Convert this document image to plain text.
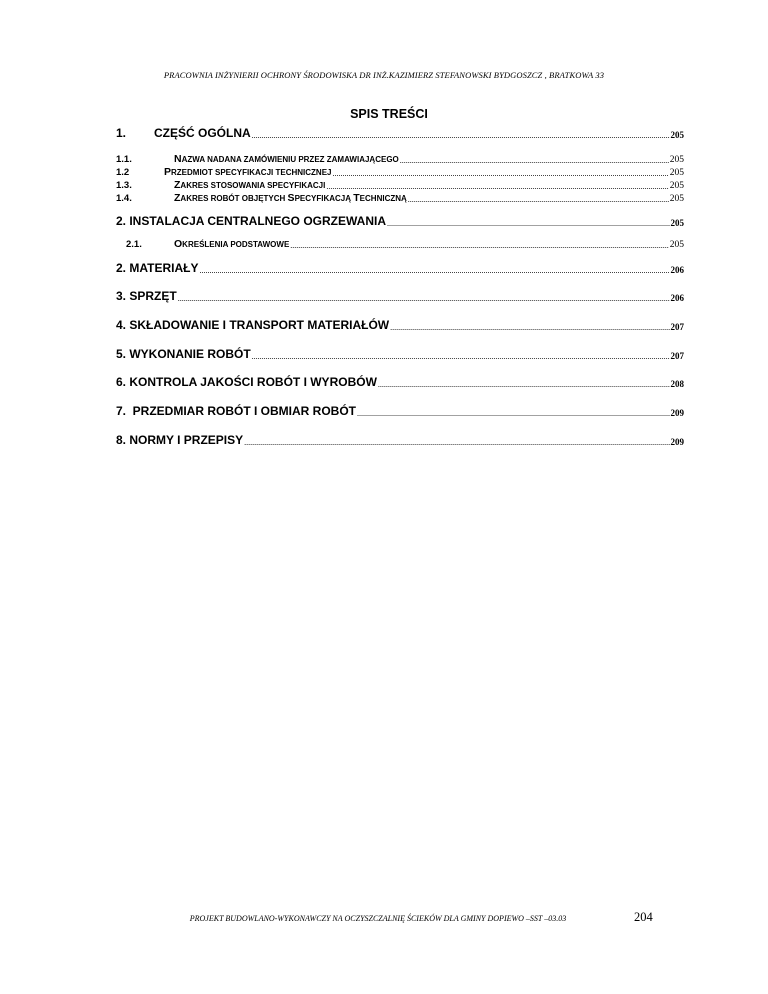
PRACOWNIA INŻYNIERII OCHRONY ŚRODOWISKA DR INŻ.KAZIMIERZ STEFANOWSKI BYDGOSZCZ , BRATKOWA 33
SPIS TREŚCI
1.	CZĘŚĆ OGÓLNA .....	205
1.1.	NAZWA NADANA ZAMÓWIENIU PRZEZ ZAMAWIAJĄCEGO .....	205
1.2	PRZEDMIOT SPECYFIKACJI TECHNICZNEJ .....	205
1.3.	ZAKRES STOSOWANIA SPECYFIKACJI .....	205
1.4.	ZAKRES ROBÓT OBJĘTYCH SPECYFIKACJĄ TECHNICZNĄ .....	205
2. INSTALACJA CENTRALNEGO OGRZEWANIA .....	205
2.1.	OKREŚLENIA PODSTAWOWE .....	205
2. MATERIAŁY .....	206
3. SPRZĘT .....	206
4. SKŁADOWANIE I TRANSPORT MATERIAŁÓW .....	207
5. WYKONANIE ROBÓT .....	207
6. KONTROLA JAKOŚCI ROBÓT I WYROBÓW .....	208
7.  PRZEDMIAR ROBÓT I OBMIAR ROBÓT .....	209
8. NORMY I PRZEPISY .....	209
PROJEKT BUDOWLANO-WYKONAWCZY NA OCZYSZCZALNIĘ ŚCIEKÓW DLA GMINY DOPIEWO –SST –03.03	204
